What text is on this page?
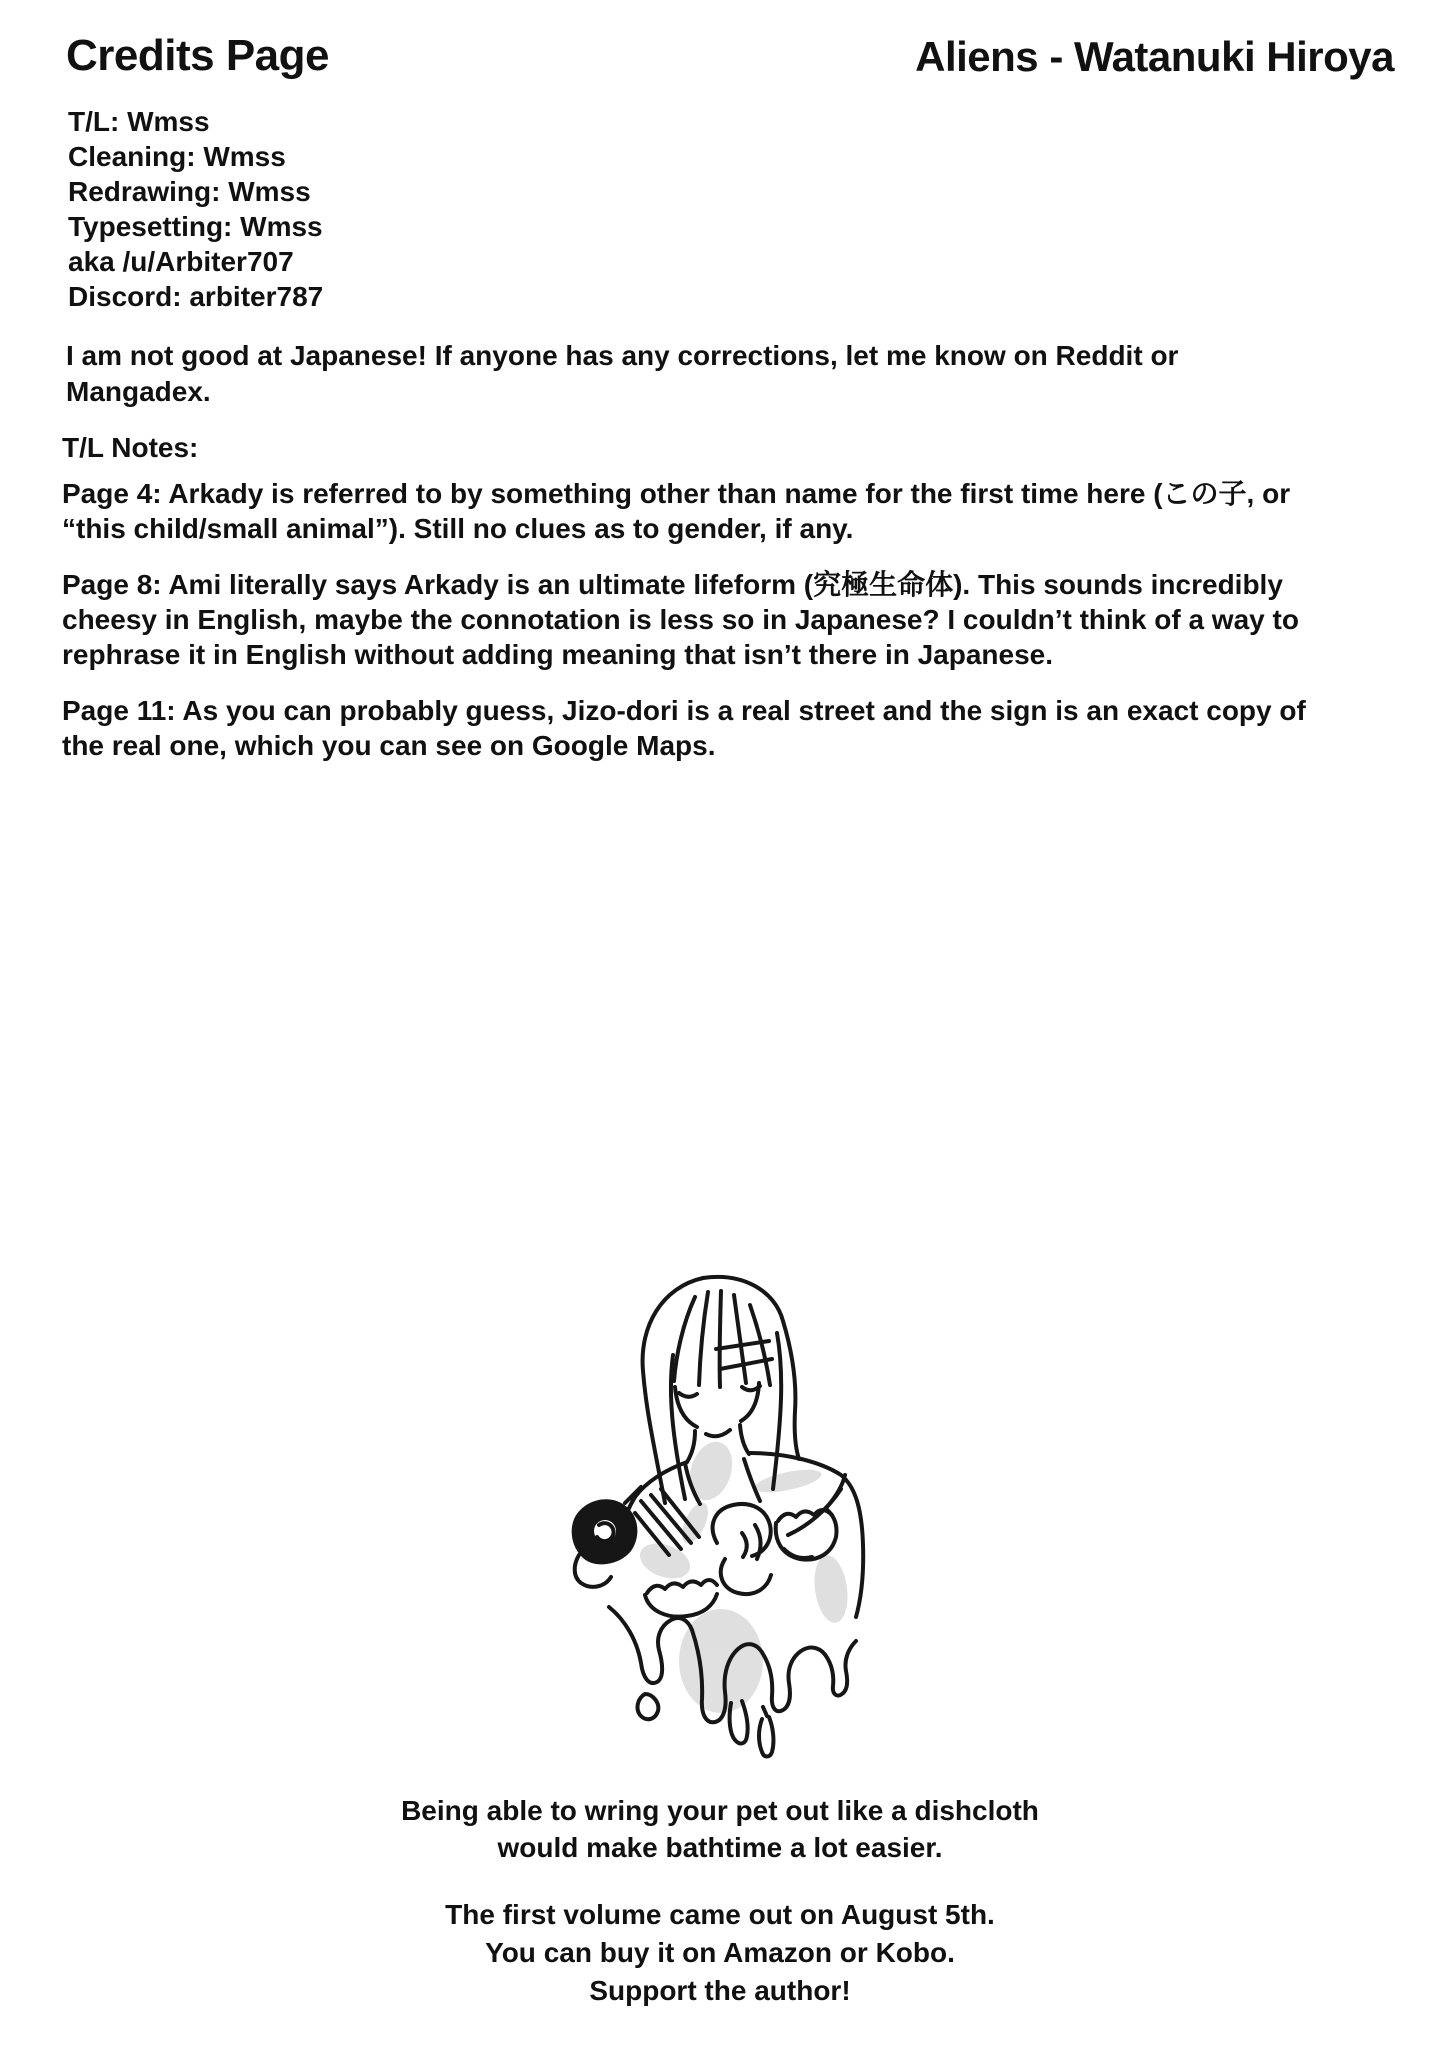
Credits Page	Aliens - Watanuki Hiroya
T/L: Wmss
Cleaning: Wmss
Redrawing: Wmss
Typesetting: Wmss
aka /u/Arbiter707
Discord: arbiter787
I am not good at Japanese! If anyone has any corrections, let me know on Reddit or Mangadex.
T/L Notes:

Page 4: Arkady is referred to by something other than name for the first time here (この子, or “this child/small animal”). Still no clues as to gender, if any.

Page 8: Ami literally says Arkady is an ultimate lifeform (究極生命体). This sounds incredibly cheesy in English, maybe the connotation is less so in Japanese? I couldn’t think of a way to rephrase it in English without adding meaning that isn’t there in Japanese.

Page 11: As you can probably guess, Jizo-dori is a real street and the sign is an exact copy of the real one, which you can see on Google Maps.

Being able to wring your pet out like a dishcloth
would make bathtime a lot easier.
The first volume came out on August 5th.
You can buy it on Amazon or Kobo.
Support the author!
